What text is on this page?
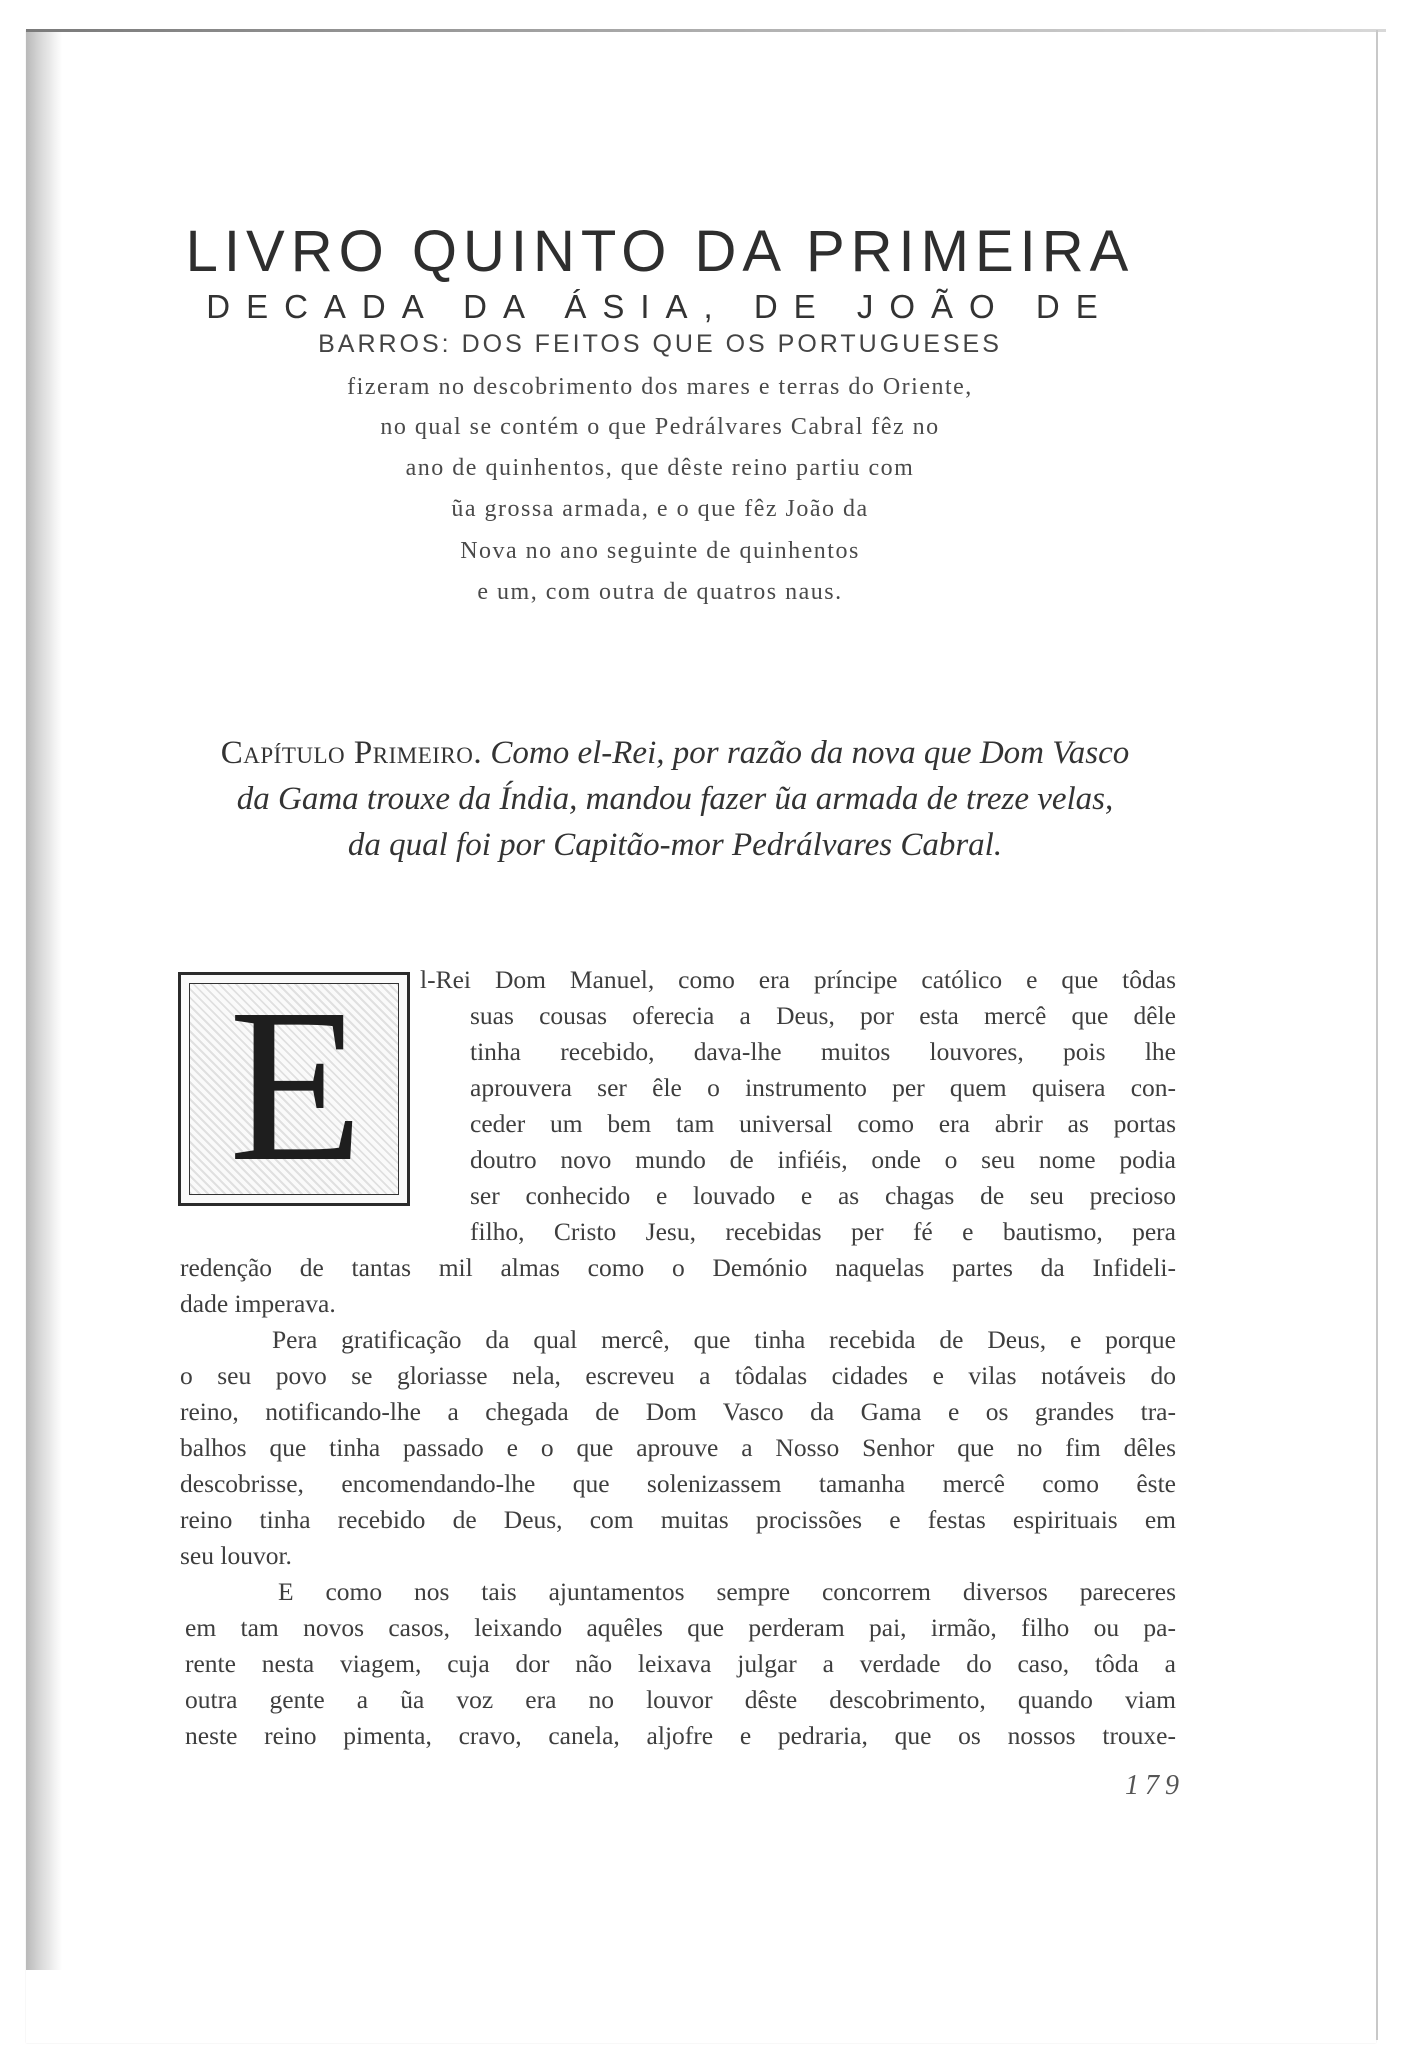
LIVRO QUINTO DA PRIMEIRA
DECADA DA ÁSIA, DE JOÃO DE
BARROS: DOS FEITOS QUE OS PORTUGUESES
fizeram no descobrimento dos mares e terras do Oriente,
no qual se contém o que Pedrálvares Cabral fêz no
ano de quinhentos, que dêste reino partiu com
ũa grossa armada, e o que fêz João da
Nova no ano seguinte de quinhentos
e um, com outra de quatros naus.
Capítulo Primeiro. Como el-Rei, por razão da nova que Dom Vasco
da Gama trouxe da Índia, mandou fazer ũa armada de treze velas,
da qual foi por Capitão-mor Pedrálvares Cabral.
E	l-Rei Dom Manuel, como era príncipe católico e que tôdas
suas cousas oferecia a Deus, por esta mercê que dêle
tinha recebido, dava-lhe muitos louvores, pois lhe
aprouvera ser êle o instrumento per quem quisera con-
ceder um bem tam universal como era abrir as portas
doutro novo mundo de infiéis, onde o seu nome podia
ser conhecido e louvado e as chagas de seu precioso
filho, Cristo Jesu, recebidas per fé e bautismo, pera
redenção de tantas mil almas como o Demónio naquelas partes da Infideli-
dade imperava.
Pera gratificação da qual mercê, que tinha recebida de Deus, e porque
o seu povo se gloriasse nela, escreveu a tôdalas cidades e vilas notáveis do
reino, notificando-lhe a chegada de Dom Vasco da Gama e os grandes tra-
balhos que tinha passado e o que aprouve a Nosso Senhor que no fim dêles
descobrisse, encomendando-lhe que solenizassem tamanha mercê como êste
reino tinha recebido de Deus, com muitas procissões e festas espirituais em
seu louvor.
E como nos tais ajuntamentos sempre concorrem diversos pareceres
em tam novos casos, leixando aquêles que perderam pai, irmão, filho ou pa-
rente nesta viagem, cuja dor não leixava julgar a verdade do caso, tôda a
outra gente a ũa voz era no louvor dêste descobrimento, quando viam
neste reino pimenta, cravo, canela, aljofre e pedraria, que os nossos trouxe-
179
